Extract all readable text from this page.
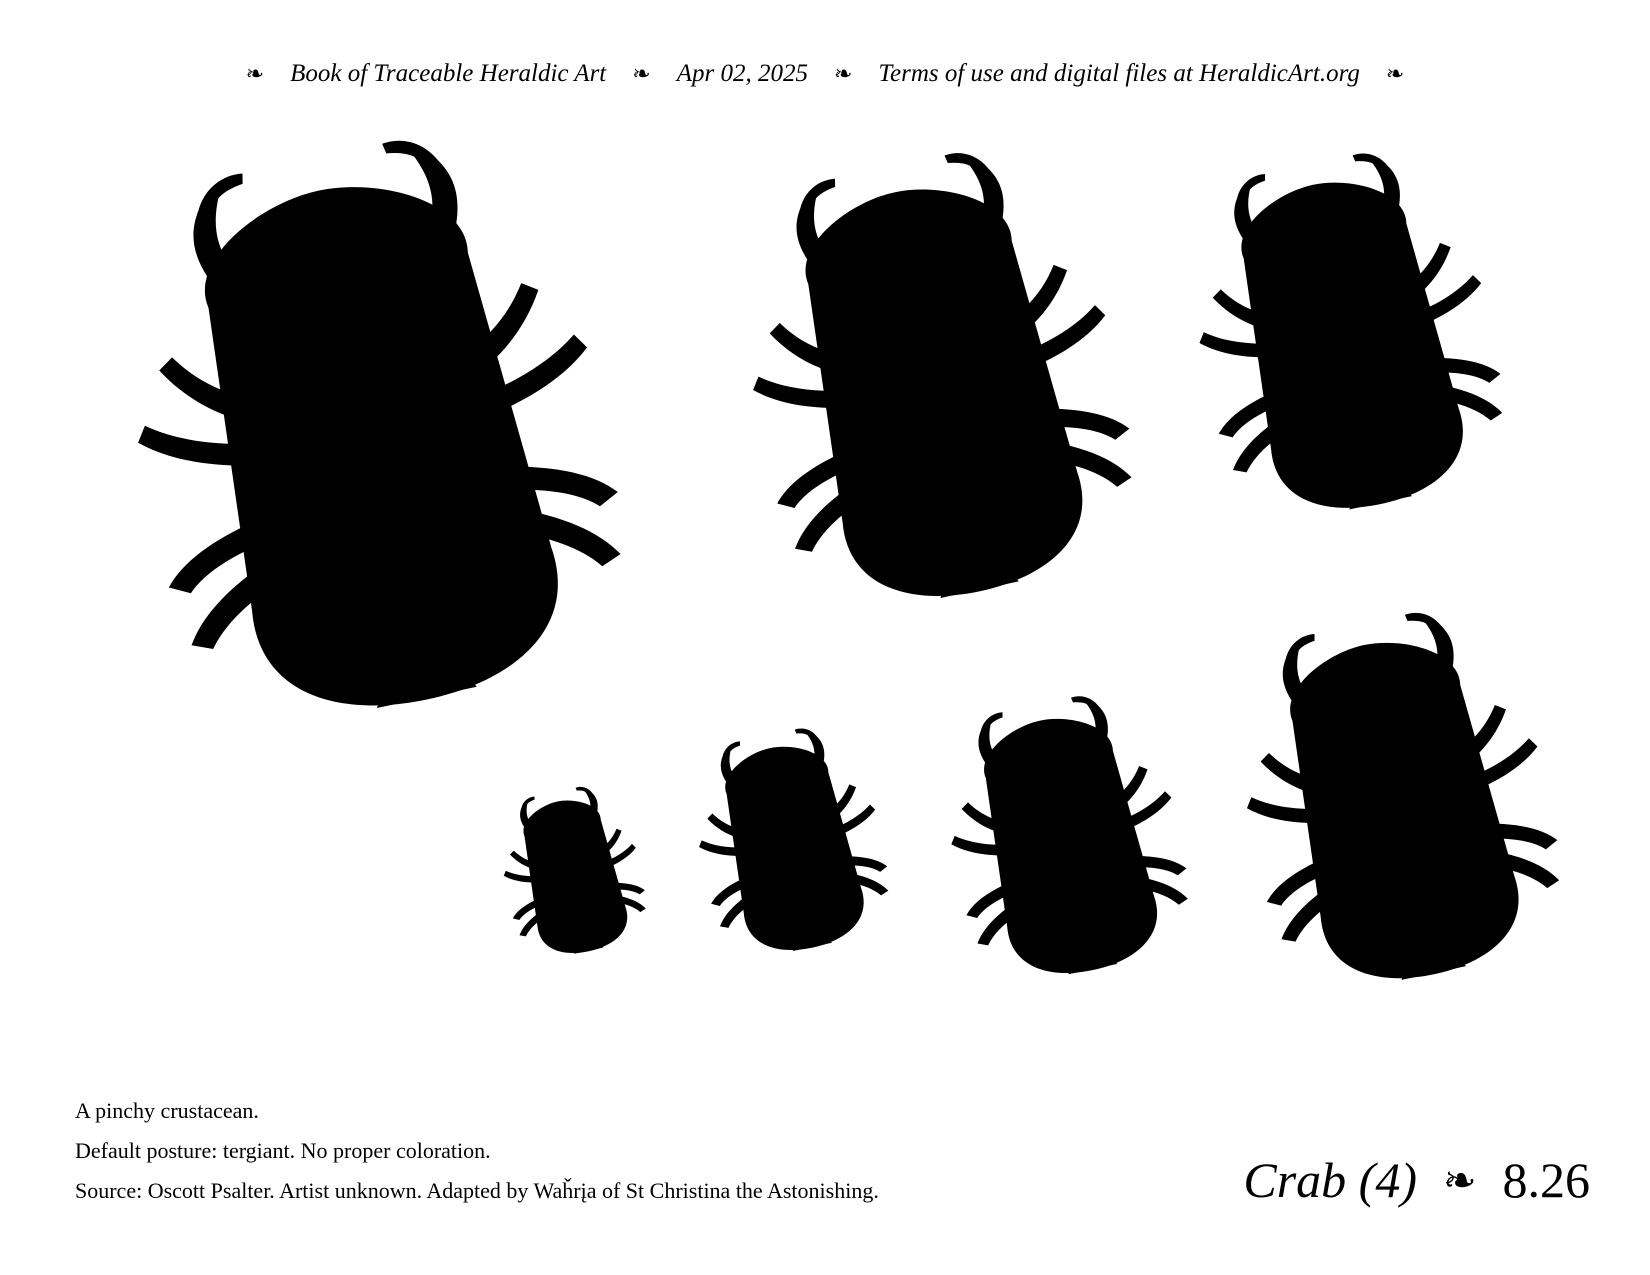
❧ Book of Traceable Heraldic Art ❧ Apr 02, 2025 ❧ Terms of use and digital files at HeraldicArt.org ❧
A pinchy crustacean.
Default posture: tergiant. No proper coloration.
Source: Oscott Psalter. Artist unknown. Adapted by Waȟrįa of St Christina the Astonishing.	Crab (4) ❧ 8.26
